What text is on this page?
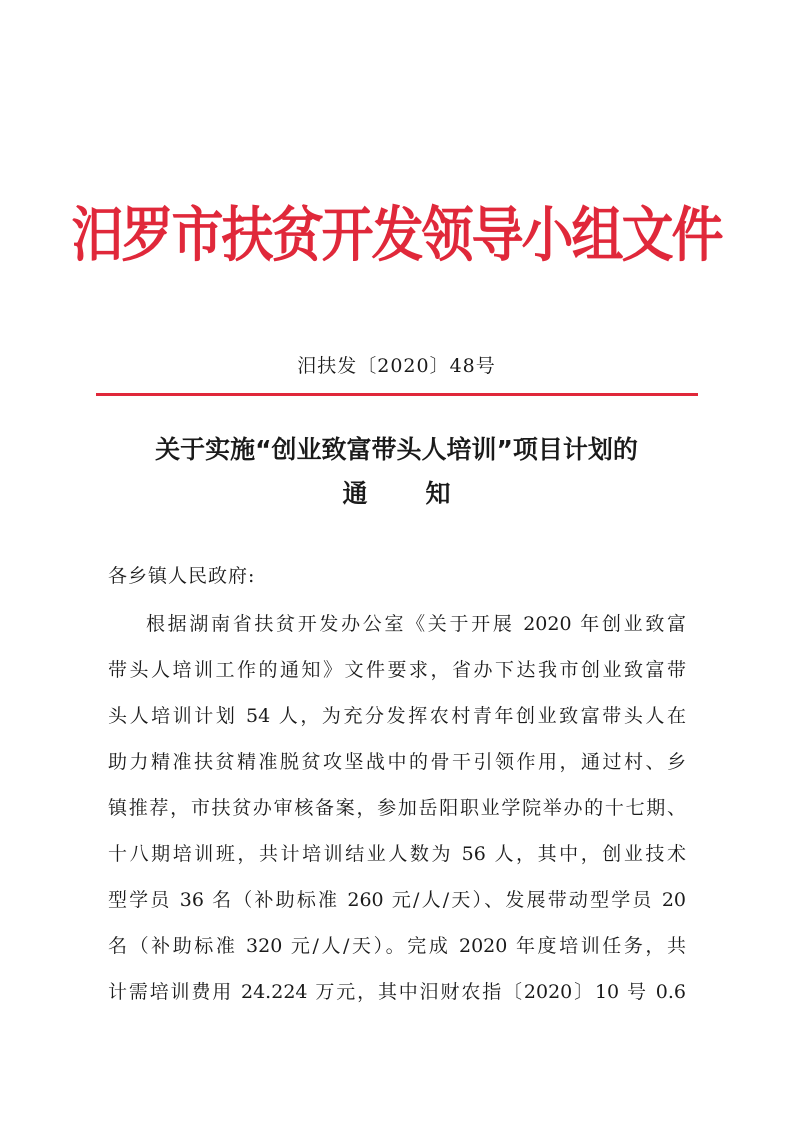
汨罗市扶贫开发领导小组文件
汨扶发〔2020〕48号
关于实施“创业致富带头人培训”项目计划的
通知
各乡镇人民政府:
根据湖南省扶贫开发办公室《关于开展 2020 年创业致富
带头人培训工作的通知》文件要求，省办下达我市创业致富带
头人培训计划 54 人，为充分发挥农村青年创业致富带头人在
助力精准扶贫精准脱贫攻坚战中的骨干引领作用，通过村、乡
镇推荐，市扶贫办审核备案，参加岳阳职业学院举办的十七期、
十八期培训班，共计培训结业人数为 56 人，其中，创业技术
型学员 36 名（补助标准 260 元/人/天）、发展带动型学员 20
名（补助标准 320 元/人/天）。完成 2020 年度培训任务，共
计需培训费用 24.224 万元，其中汨财农指〔2020〕10 号 0.6
